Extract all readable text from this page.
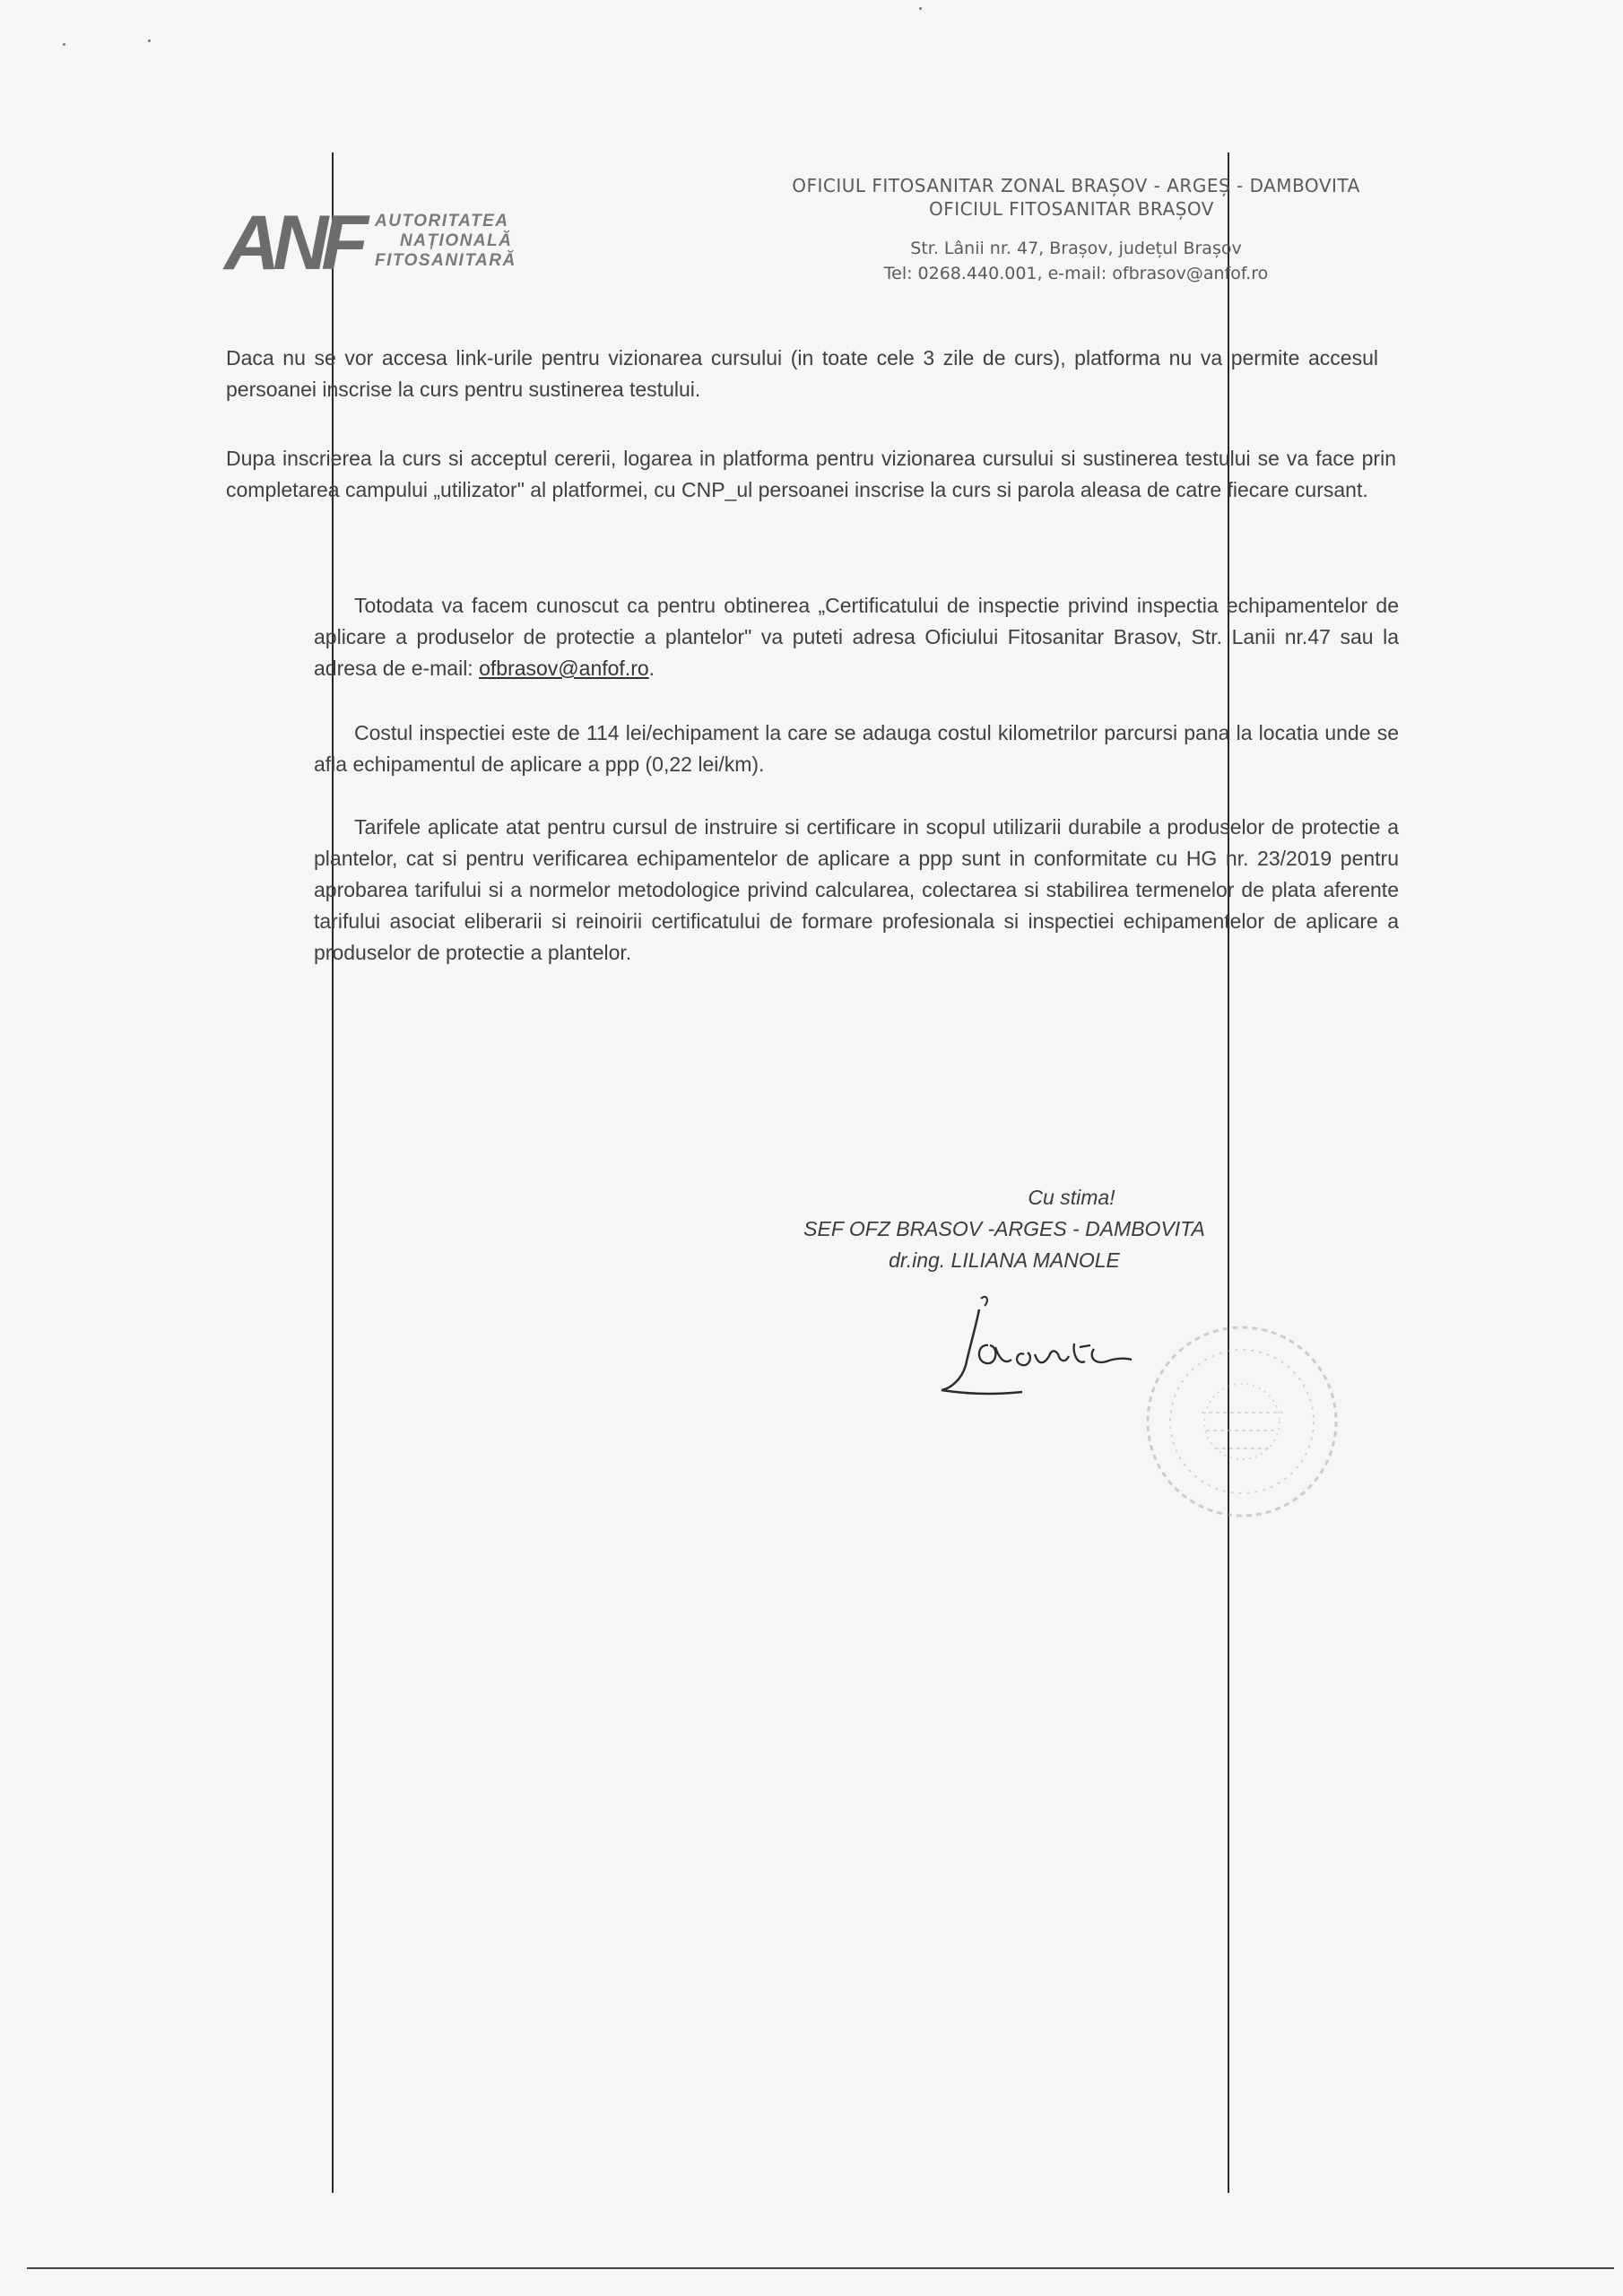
ANF AUTORITATEA
NAȚIONALĂ
FITOSANITARĂ
OFICIUL FITOSANITAR ZONAL BRAȘOV - ARGEȘ - DAMBOVITA
OFICIUL FITOSANITAR BRAȘOV
Str. Lânii nr. 47, Brașov, județul Brașov
Tel: 0268.440.001, e-mail: ofbrasov@anfof.ro
Daca nu se vor accesa link-urile pentru vizionarea cursului (in toate cele 3 zile de curs), platforma nu va permite accesul persoanei inscrise la curs pentru sustinerea testului.
Dupa inscrierea la curs si acceptul cererii, logarea in platforma pentru vizionarea cursului si sustinerea testului se va face prin completarea campului „utilizator" al platformei, cu CNP_ul persoanei inscrise la curs si parola aleasa de catre fiecare cursant.
Totodata va facem cunoscut ca pentru obtinerea „Certificatului de inspectie privind inspectia echipamentelor de aplicare a produselor de protectie a plantelor" va puteti adresa Oficiului Fitosanitar Brasov, Str. Lanii nr.47 sau la adresa de e-mail: ofbrasov@anfof.ro.
Costul inspectiei este de 114 lei/echipament la care se adauga costul kilometrilor parcursi pana la locatia unde se afla echipamentul de aplicare a ppp (0,22 lei/km).
Tarifele aplicate atat pentru cursul de instruire si certificare in scopul utilizarii durabile a produselor de protectie a plantelor, cat si pentru verificarea echipamentelor de aplicare a ppp sunt in conformitate cu HG nr. 23/2019 pentru aprobarea tarifului si a normelor metodologice privind calcularea, colectarea si stabilirea termenelor de plata aferente tarifului asociat eliberarii si reinoirii certificatului de formare profesionala si inspectiei echipamentelor de aplicare a produselor de protectie a plantelor.
Cu stima!
SEF OFZ BRASOV -ARGES - DAMBOVITA
dr.ing. LILIANA MANOLE
